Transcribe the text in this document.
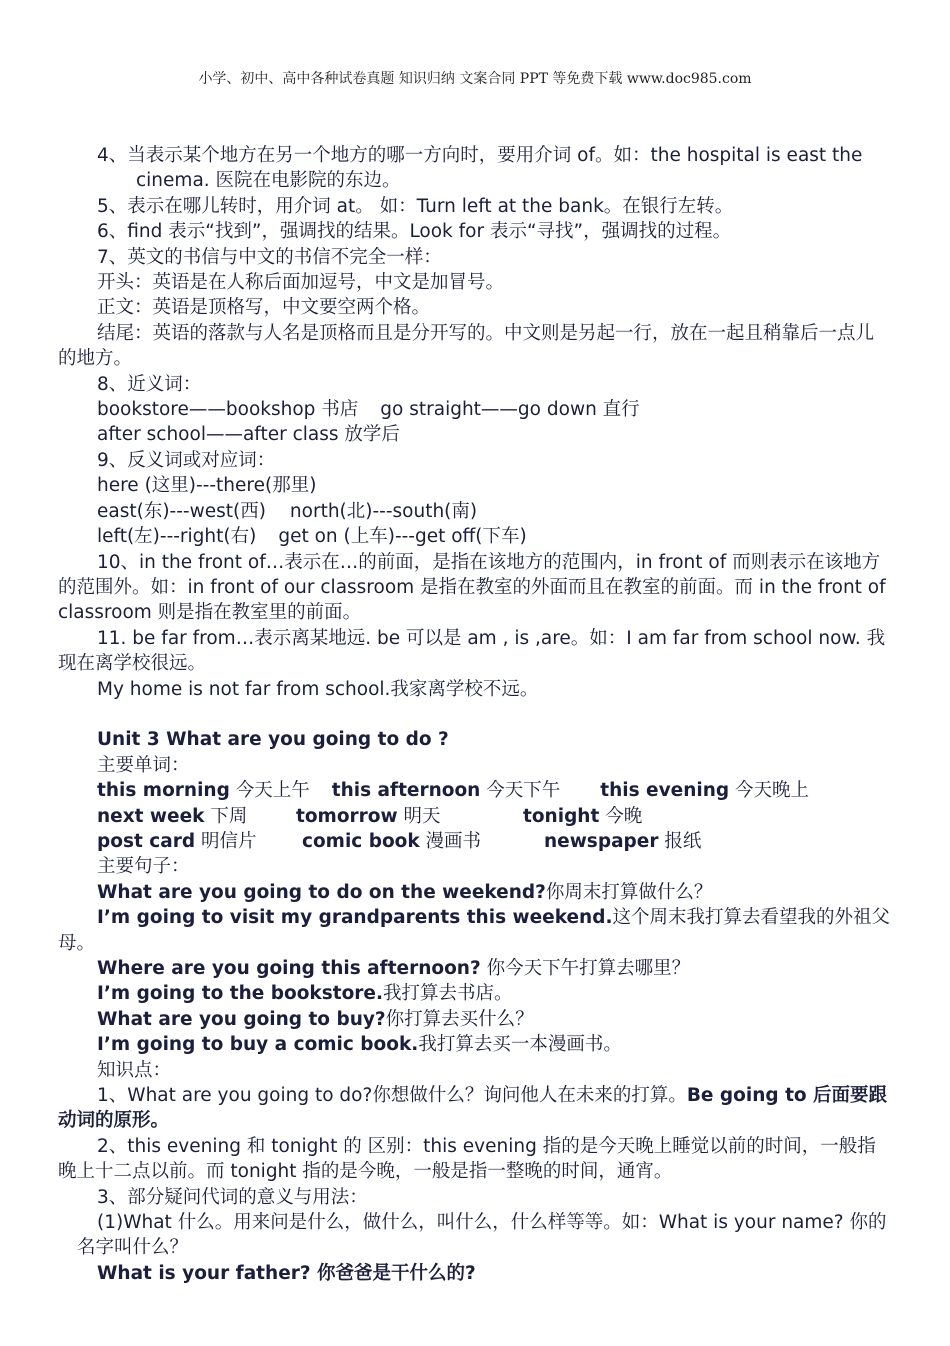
小学、初中、高中各种试卷真题 知识归纳 文案合同 PPT 等免费下载 www.doc985.com

4、当表示某个地方在另一个地方的哪一方向时，要用介词 of。如：the hospital is east the cinema. 医院在电影院的东边。

5、表示在哪儿转时，用介词 at。 如：Turn left at the bank。在银行左转。

6、find 表示“找到”，强调找的结果。Look for 表示“寻找”，强调找的过程。

7、英文的书信与中文的书信不完全一样：

开头：英语是在人称后面加逗号，中文是加冒号。

正文：英语是顶格写，中文要空两个格。

结尾：英语的落款与人名是顶格而且是分开写的。中文则是另起一行，放在一起且稍靠后一点儿的地方。

8、近义词：

bookstore——bookshop 书店 go straight——go down 直行

after school——after class 放学后

9、反义词或对应词：

here (这里)---there(那里)

east(东)---west(西) north(北)---south(南)

left(左)---right(右) get on (上车)---get off(下车)

10、in the front of…表示在…的前面，是指在该地方的范围内，in front of 而则表示在该地方的范围外。如：in front of our classroom 是指在教室的外面而且在教室的前面。而 in the front of classroom 则是指在教室里的前面。

11. be far from…表示离某地远. be 可以是 am , is ,are。如：I am far from school now. 我现在离学校很远。

My home is not far from school.我家离学校不远。

Unit 3 What are you going to do ?

主要单词：

this morning 今天上午 this afternoon 今天下午 this evening 今天晚上

next week 下周	tomorrow 明天	tonight 今晚

post card 明信片 comic book 漫画书	newspaper 报纸

主要句子：

What are you going to do on the weekend?你周末打算做什么？

I’m going to visit my grandparents this weekend.这个周末我打算去看望我的外祖父母。

Where are you going this afternoon? 你今天下午打算去哪里？

I’m going to the bookstore.我打算去书店。

What are you going to buy?你打算去买什么？

I’m going to buy a comic book.我打算去买一本漫画书。

知识点：

1、What are you going to do?你想做什么？询问他人在未来的打算。Be going to 后面要跟动词的原形。

2、this evening 和 tonight 的 区别：this evening 指的是今天晚上睡觉以前的时间，一般指晚上十二点以前。而 tonight 指的是今晚，一般是指一整晚的时间，通宵。

3、部分疑问代词的意义与用法：

(1)What 什么。用来问是什么，做什么，叫什么，什么样等等。如：What is your name? 你的名字叫什么？

What is your father? 你爸爸是干什么的?
